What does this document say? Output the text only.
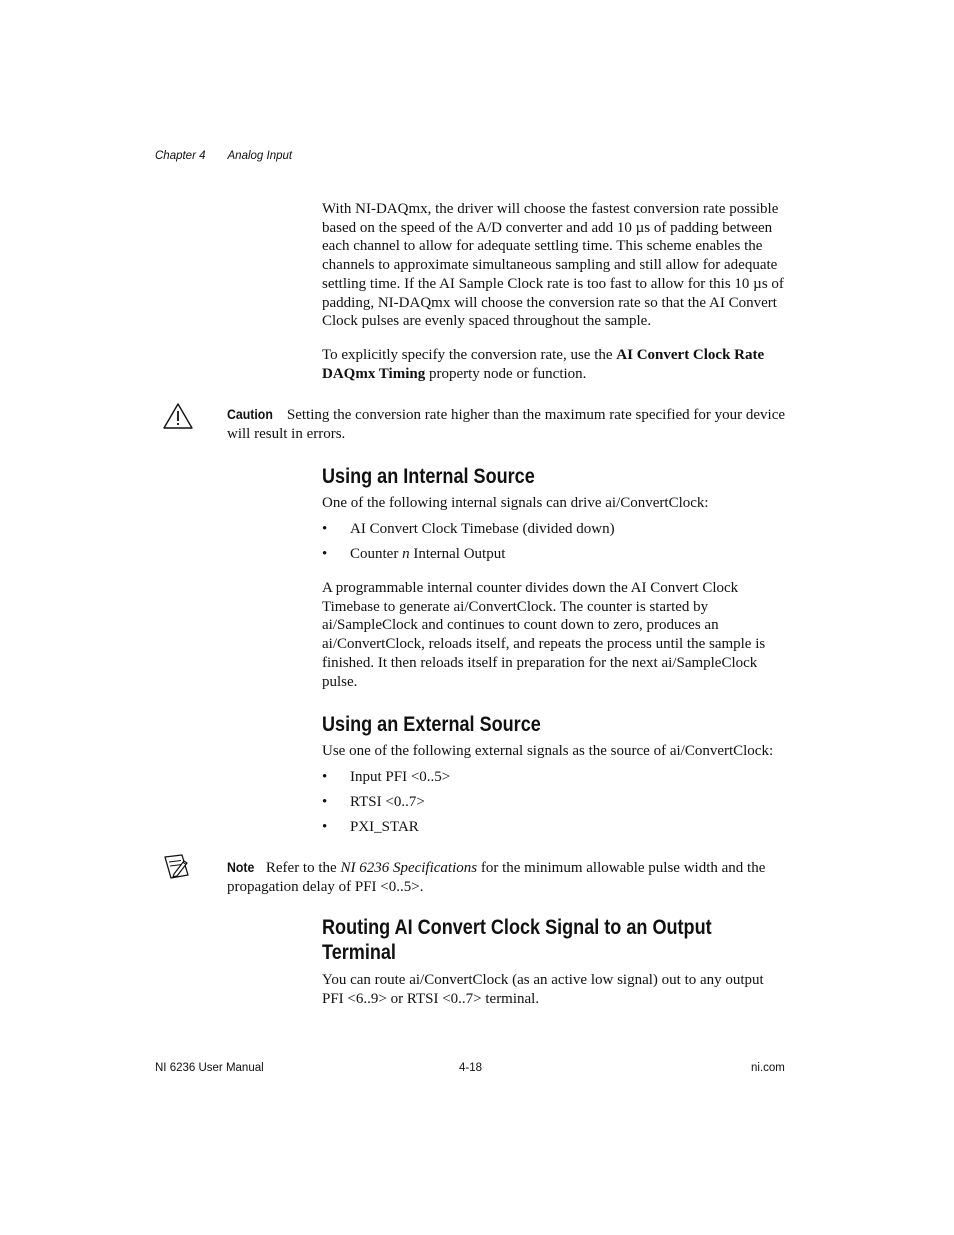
Chapter 4 Analog Input

With NI-DAQmx, the driver will choose the fastest conversion rate possible based on the speed of the A/D converter and add 10 µs of padding between each channel to allow for adequate settling time. This scheme enables the channels to approximate simultaneous sampling and still allow for adequate settling time. If the AI Sample Clock rate is too fast to allow for this 10 µs of padding, NI-DAQmx will choose the conversion rate so that the AI Convert Clock pulses are evenly spaced throughout the sample.

To explicitly specify the conversion rate, use the AI Convert Clock Rate DAQmx Timing property node or function.

Caution Setting the conversion rate higher than the maximum rate specified for your device will result in errors.

Using an Internal Source

One of the following internal signals can drive ai/ConvertClock:

• AI Convert Clock Timebase (divided down)
• Counter n Internal Output

A programmable internal counter divides down the AI Convert Clock Timebase to generate ai/ConvertClock. The counter is started by ai/SampleClock and continues to count down to zero, produces an ai/ConvertClock, reloads itself, and repeats the process until the sample is finished. It then reloads itself in preparation for the next ai/SampleClock pulse.

Using an External Source

Use one of the following external signals as the source of ai/ConvertClock:

• Input PFI <0..5>
• RTSI <0..7>
• PXI_STAR

Note Refer to the NI 6236 Specifications for the minimum allowable pulse width and the propagation delay of PFI <0..5>.

Routing AI Convert Clock Signal to an Output
Terminal

You can route ai/ConvertClock (as an active low signal) out to any output PFI <6..9> or RTSI <0..7> terminal.

NI 6236 User Manual	4-18	ni.com
